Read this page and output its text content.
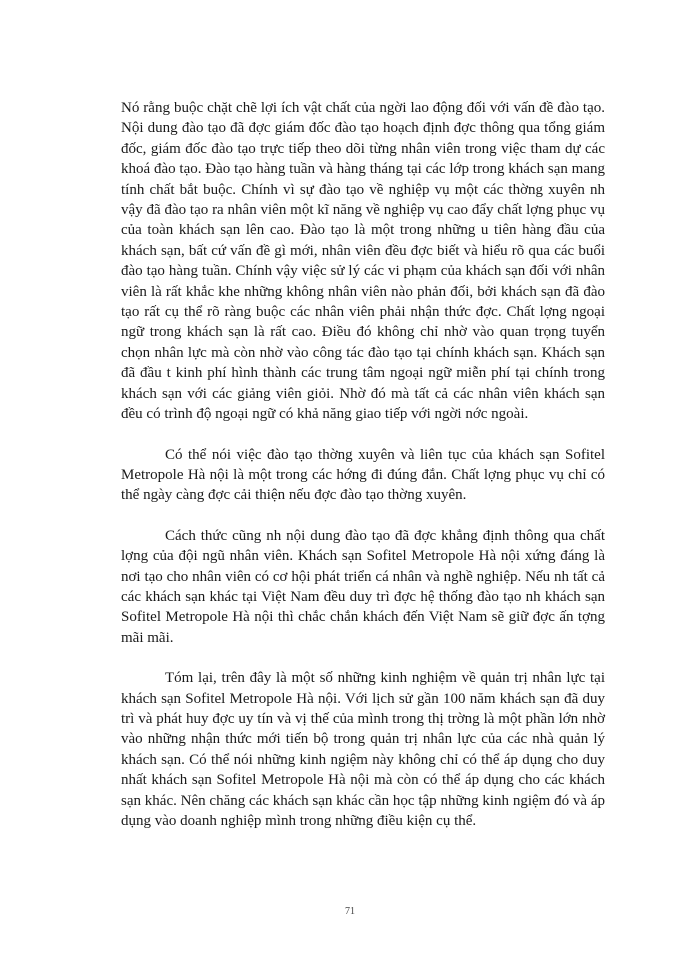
Nó rằng buộc chặt chẽ lợi ích vật chất của ngời lao động đối với vấn đề đào tạo. Nội dung đào tạo đã đợc giám đốc đào tạo hoạch định đợc thông qua tổng giám đốc, giám đốc đào tạo trực tiếp theo dõi từng nhân viên trong việc tham dự các khoá đào tạo. Đào tạo hàng tuần và hàng tháng tại các lớp trong khách sạn mang tính chất bắt buộc. Chính vì sự đào tạo về nghiệp vụ một các thờng xuyên nh vậy đã đào tạo ra nhân viên một kĩ năng về nghiệp vụ cao đẩy chất lợng phục vụ của toàn khách sạn lên cao. Đào tạo là một trong những u tiên hàng đầu của khách sạn, bất cứ vấn đề gì mới, nhân viên đều đợc biết và hiểu rõ qua các buổi đào tạo hàng tuần. Chính vậy việc sử lý các vi phạm của khách sạn đối với nhân viên là rất khắc khe những không nhân viên nào phản đối, bởi khách sạn đã đào tạo rất cụ thể rõ ràng buộc các nhân viên phải nhận thức đợc. Chất lợng ngoại ngữ trong khách sạn là rất cao. Điều đó không chỉ nhờ vào quan trọng tuyển chọn nhân lực mà còn nhờ vào công tác đào tạo tại chính khách sạn. Khách sạn đã đầu t kinh phí hình thành các trung tâm ngoại ngữ miễn phí tại chính trong khách sạn với các giảng viên giỏi. Nhờ đó mà tất cả các nhân viên khách sạn đều có trình độ ngoại ngữ có khả năng giao tiếp với ngời nớc ngoài.

Có thể nói việc đào tạo thờng xuyên và liên tục của khách sạn Sofitel Metropole Hà nội là một trong các hớng đi đúng đắn. Chất lợng phục vụ chỉ có thể ngày càng đợc cải thiện nếu đợc đào tạo thờng xuyên.

Cách thức cũng nh nội dung đào tạo đã đợc khẳng định thông qua chất lợng của đội ngũ nhân viên. Khách sạn Sofitel Metropole Hà nội xứng đáng là nơi tạo cho nhân viên có cơ hội phát triển cá nhân và nghề nghiệp. Nếu nh tất cả các khách sạn khác tại Việt Nam đều duy trì đợc hệ thống đào tạo nh khách sạn Sofitel Metropole Hà nội thì chắc chắn khách đến Việt Nam sẽ giữ đợc ấn tợng mãi mãi.

Tóm lại, trên đây là một số những kinh nghiệm về quản trị nhân lực tại khách sạn Sofitel Metropole Hà nội. Với lịch sử gần 100 năm khách sạn đã duy trì và phát huy đợc uy tín và vị thế của mình trong thị trờng là một phần lớn nhờ vào những nhận thức mới tiến bộ trong quản trị nhân lực của các nhà quản lý khách sạn. Có thể nói những kinh ngiệm này không chỉ có thể áp dụng cho duy nhất khách sạn Sofitel Metropole Hà nội mà còn có thể áp dụng cho các khách sạn khác. Nên chăng các khách sạn khác cần học tập những kinh ngiệm đó và áp dụng vào doanh nghiệp mình trong những điều kiện cụ thể.

71
